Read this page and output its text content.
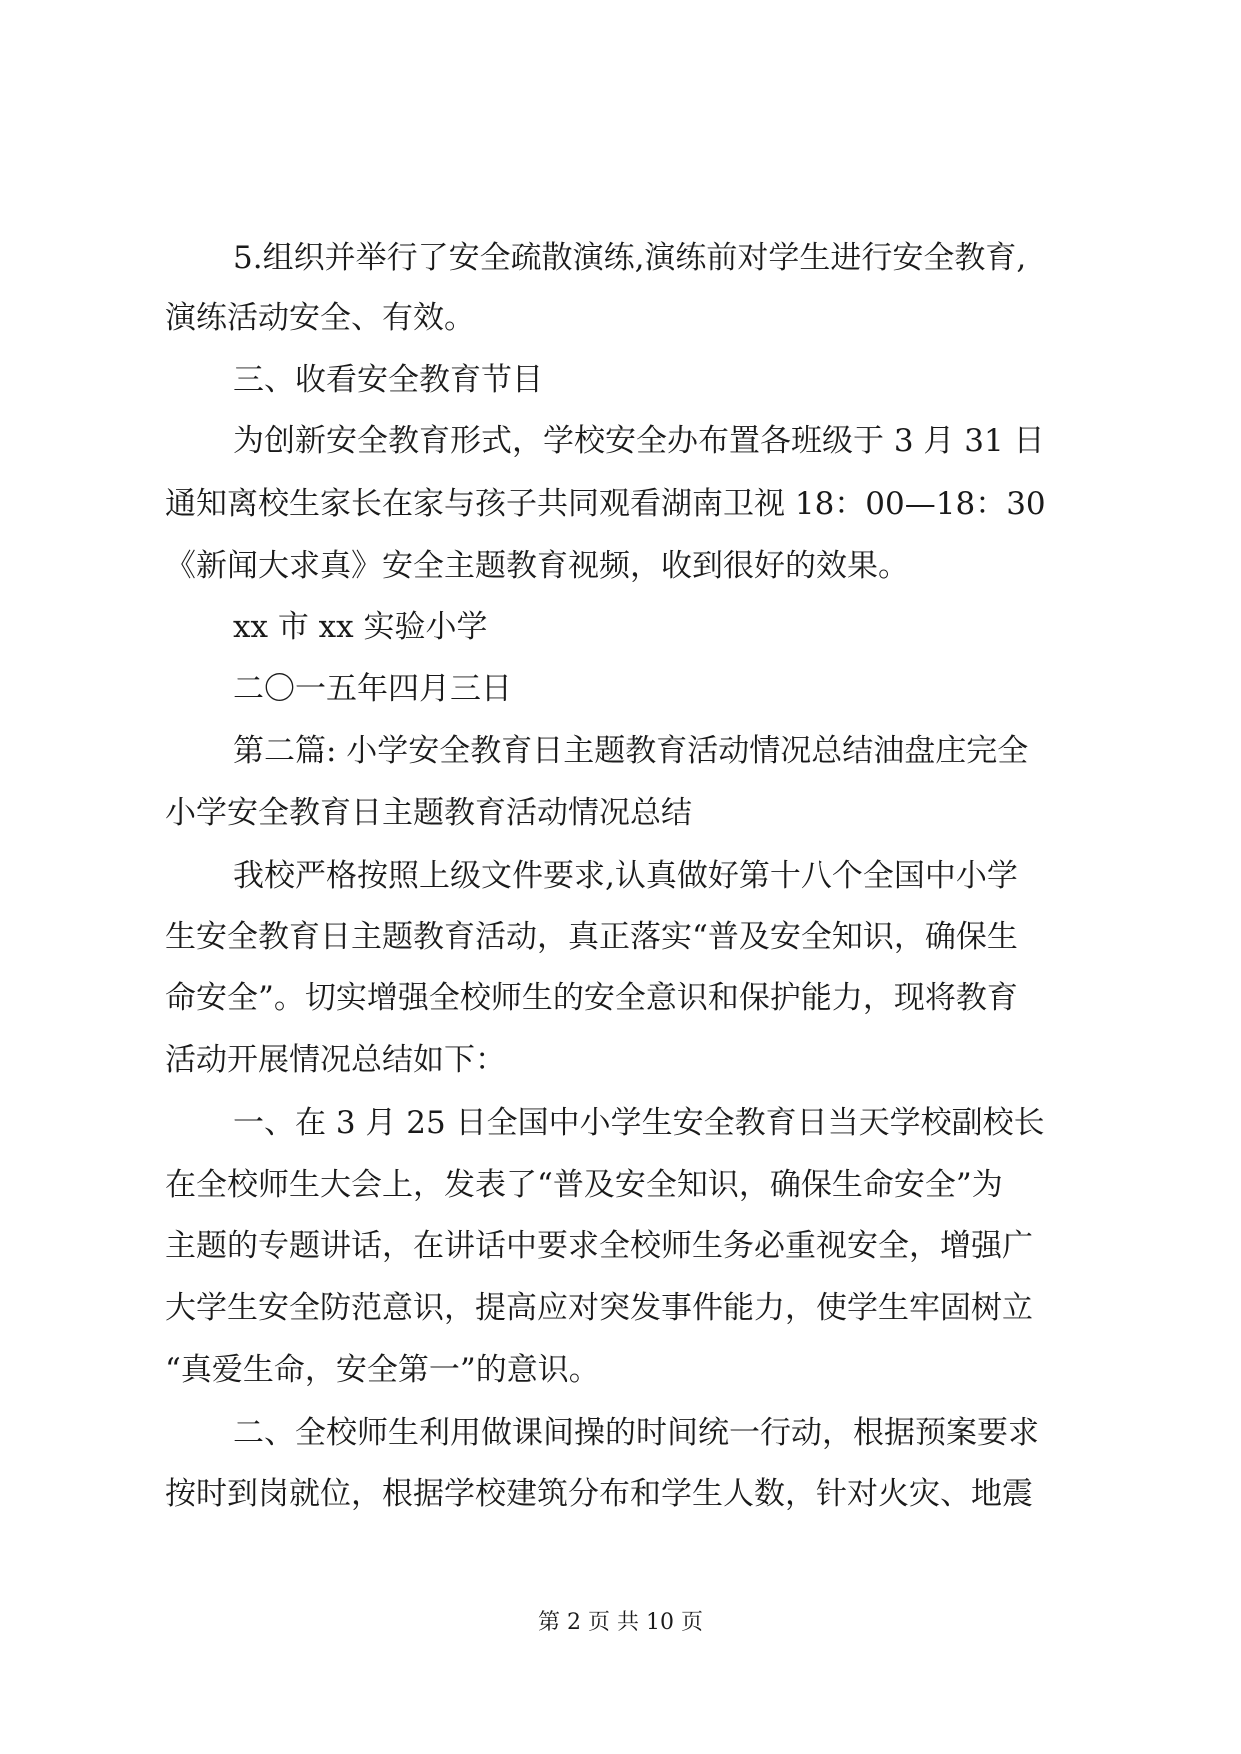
5.组织并举行了安全疏散演练,演练前对学生进行安全教育,
演练活动安全、有效。
三、收看安全教育节目
为创新安全教育形式，学校安全办布置各班级于 3 月 31 日
通知离校生家长在家与孩子共同观看湖南卫视 18：00—18：30
《新闻大求真》安全主题教育视频，收到很好的效果。
xx 市 xx 实验小学
二〇一五年四月三日
第二篇: 小学安全教育日主题教育活动情况总结油盘庄完全
小学安全教育日主题教育活动情况总结
我校严格按照上级文件要求,认真做好第十八个全国中小学
生安全教育日主题教育活动，真正落实“普及安全知识，确保生
命安全”。切实增强全校师生的安全意识和保护能力，现将教育
活动开展情况总结如下：
一、在 3 月 25 日全国中小学生安全教育日当天学校副校长
在全校师生大会上，发表了“普及安全知识，确保生命安全”为
主题的专题讲话，在讲话中要求全校师生务必重视安全，增强广
大学生安全防范意识，提高应对突发事件能力，使学生牢固树立
“真爱生命，安全第一”的意识。
二、全校师生利用做课间操的时间统一行动，根据预案要求
按时到岗就位，根据学校建筑分布和学生人数，针对火灾、地震
第 2 页 共 10 页
